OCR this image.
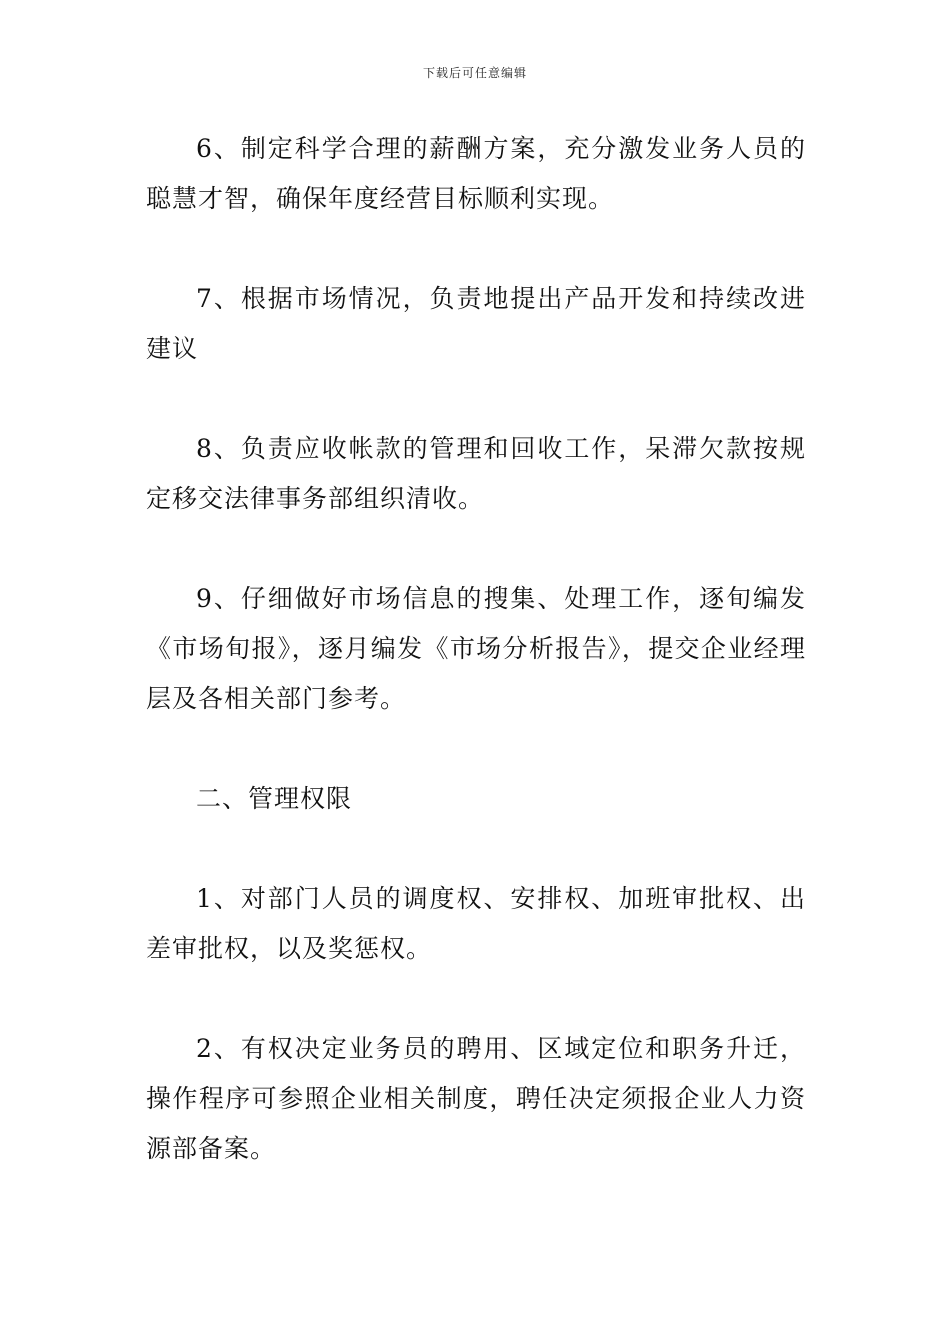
下载后可任意编辑

6、制定科学合理的薪酬方案，充分激发业务人员的聪慧才智，确保年度经营目标顺利实现。

7、根据市场情况，负责地提出产品开发和持续改进建议

8、负责应收帐款的管理和回收工作，呆滞欠款按规定移交法律事务部组织清收。

9、仔细做好市场信息的搜集、处理工作，逐旬编发《市场旬报》，逐月编发《市场分析报告》，提交企业经理层及各相关部门参考。

二、管理权限

1、对部门人员的调度权、安排权、加班审批权、出差审批权，以及奖惩权。

2、有权决定业务员的聘用、区域定位和职务升迁，操作程序可参照企业相关制度，聘任决定须报企业人力资源部备案。
